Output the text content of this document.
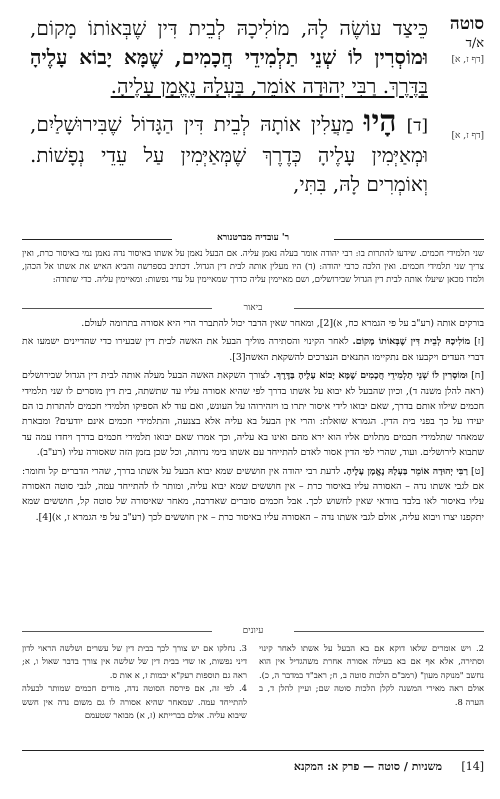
סוטה
א/ד
[דף ז, א]
[דף ז, א]

כֵּיצַד עוֹשֶׂה לָהּ, מוֹלִיכָהּ לְבֵית דִּין שֶׁבְּאוֹתוֹ מָקוֹם, וּמוֹסְרִין לוֹ שְׁנֵי תַלְמִידֵי חֲכָמִים, שֶׁמָּא יָבוֹא עָלֶיהָ בַּדֶּרֶךְ. רַבִּי יְהוּדָה אוֹמֵר, בַּעְלָהּ נֶאֱמָן עָלֶיהָ.

[ד] הָיוּ מַעֲלִין אוֹתָהּ לְבֵית דִּין הַגָּדוֹל שֶׁבִּירוּשָׁלַיִם, וּמְאַיְּמִין עָלֶיהָ כְּדֶרֶךְ שֶׁמְּאַיְּמִין עַל עֵדֵי נְפָשׁוֹת. וְאוֹמְרִים לָהּ, בִּתִּי,

ר' עובדיה מברטנורא
שני תלמידי חכמים. שידעו להתרות בו: רבי יהודה אומר בעלה נאמן עליה. אם הבעל נאמן על אשתו באיסור נדה נאמן נמי באיסור כרת, ואין צריך שני תלמידי חכמים. ואין הלכה כרבי יהודה: (ד) היו מעלין אותה לבית דין הגדול. דכתיב בספרשה והביא האיש את אשתו אל הכהן, ולמדו מכאן שיעלו אותה לבית דין הגדול שבירושלים, ושם מאיימין עליה כדרך שמאיימין על עדי נפשות: ומאיימין עליה. כדי שתודה:
ביאור

בורקים אותה (רע"ב על פי הגמרא כח, א)[2], ומאחר שאין הדבר יכול להתברר הרי היא אסורה בתרומה לעולם.

[ז] מוֹלִיכָהּ לְבֵית דִּין שֶׁבְּאוֹתוֹ מָקוֹם. לאחר הקינוי והסתירה מוליך הבעל את האשה לבית דין שבעירו כדי שהדיינים ישמעו את דברי העדים ויקבעו אם נתקיימו התנאים הנצרכים להשקאת האשה[3].

[ח] וּמוֹסְרִין לוֹ שְׁנֵי תַלְמִידֵי חֲכָמִים שֶׁמָּא יָבוֹא עָלֶיהָ בַּדֶּרֶךְ. לצורך השקאת האשה הבעל מעלה אותה לבית דין הגדול שבירושלים (ראה להלן משנה ד), וכיון שהבעל לא יבוא על אשתו בדרך לפי שהיא אסורה עליו עד שתשתה, בית דין מוסרים לו שני תלמידי חכמים שילוו אותם בדרך, שאם יבואו לידי איסור יתרו בו ויזהירוהו על העונש, ואם עוד לא הספיקו תלמידי חכמים להתרות בו הם יעידו על כך בפני בית הדין. הגמרא שואלת: והרי אין הבעל בא עליה אלא בצנעה, והתלמידי חכמים אינם יודעים? ומבארת שמאחר שתלמידי חכמים מתלוים אליו הוא ירא מהם ואינו בא עליה, וכך אמרו שאם יבואו תלמידי חכמים בדרך ויחדו עמה עד שתבוא לירושלים. ועוד, שהרי לפי הדין אסור לאדם להתייחד עם אשתו בימי נדותה, וכל שכן בזמן הזה שאסורה עליו (רע"ב).

[ט] רַבִּי יְהוּדָה אוֹמֵר בַּעְלָהּ נֶאֱמָן עָלֶיהָ. לדעת רבי יהודה אין חוששים שמא יבוא הבעל על אשתו בדרך, שהרי הדברים קל וחומר: אם לגבי אשתו נדה – האסורה עליו באיסור כרת – אין חוששים שמא יבוא עליה, ומותר לו להתייחד עמה, לגבי סוטה האסורה עליו באיסור לאו בלבד בוודאי שאין לחשוש לכך. אבל חכמים סוברים שאדרבה, מאחר שאיסורה של סוטה קל, חוששים שמא יתקפנו יצרו ויבוא עליה, אולם לגבי אשתו נדה – האסורה עליו באיסור כרת – אין חוששים לכך (רע"ב על פי הגמרא ז, א)[4].

עיונים

2. ויש אומרים שלאו דוקא אם בא הבעל על אשתו לאחר קינוי וסתירה, אלא אף אם בא בעילה אסורה אחרת משהגדיל אין הוא נחשב "מנוקה מעון" (רמב"ם הלכות סוטה ב, ח; ראב"ד במדבר ה, כ). אולם ראה מאירי המשנה לקלן הלכות סוטה שם; ועיין להלן ד, ב הערה 8.

3. נחלקו אם יש צורך לכך בבית דין של עשרים ושלשה הראוי לדון דיני נפשות, או שדי בבית דין של שלשה אין צורך בדבר שאול ו, א; ראה גם תוספות רעק"א יבמות ז, א אות ס.

4. לפי זה, אם פירסה הסוטה נדה, מודים חכמים שמותר לבעלה להתייחד עמה. שמאחר שהיא אסורה לו גם משום נדה אין חשש שיבוא עליה. אולם בברייתא (ז, א) מבואר שטעמם

[14]
משניות / סוטה — פרק א: המקנא
